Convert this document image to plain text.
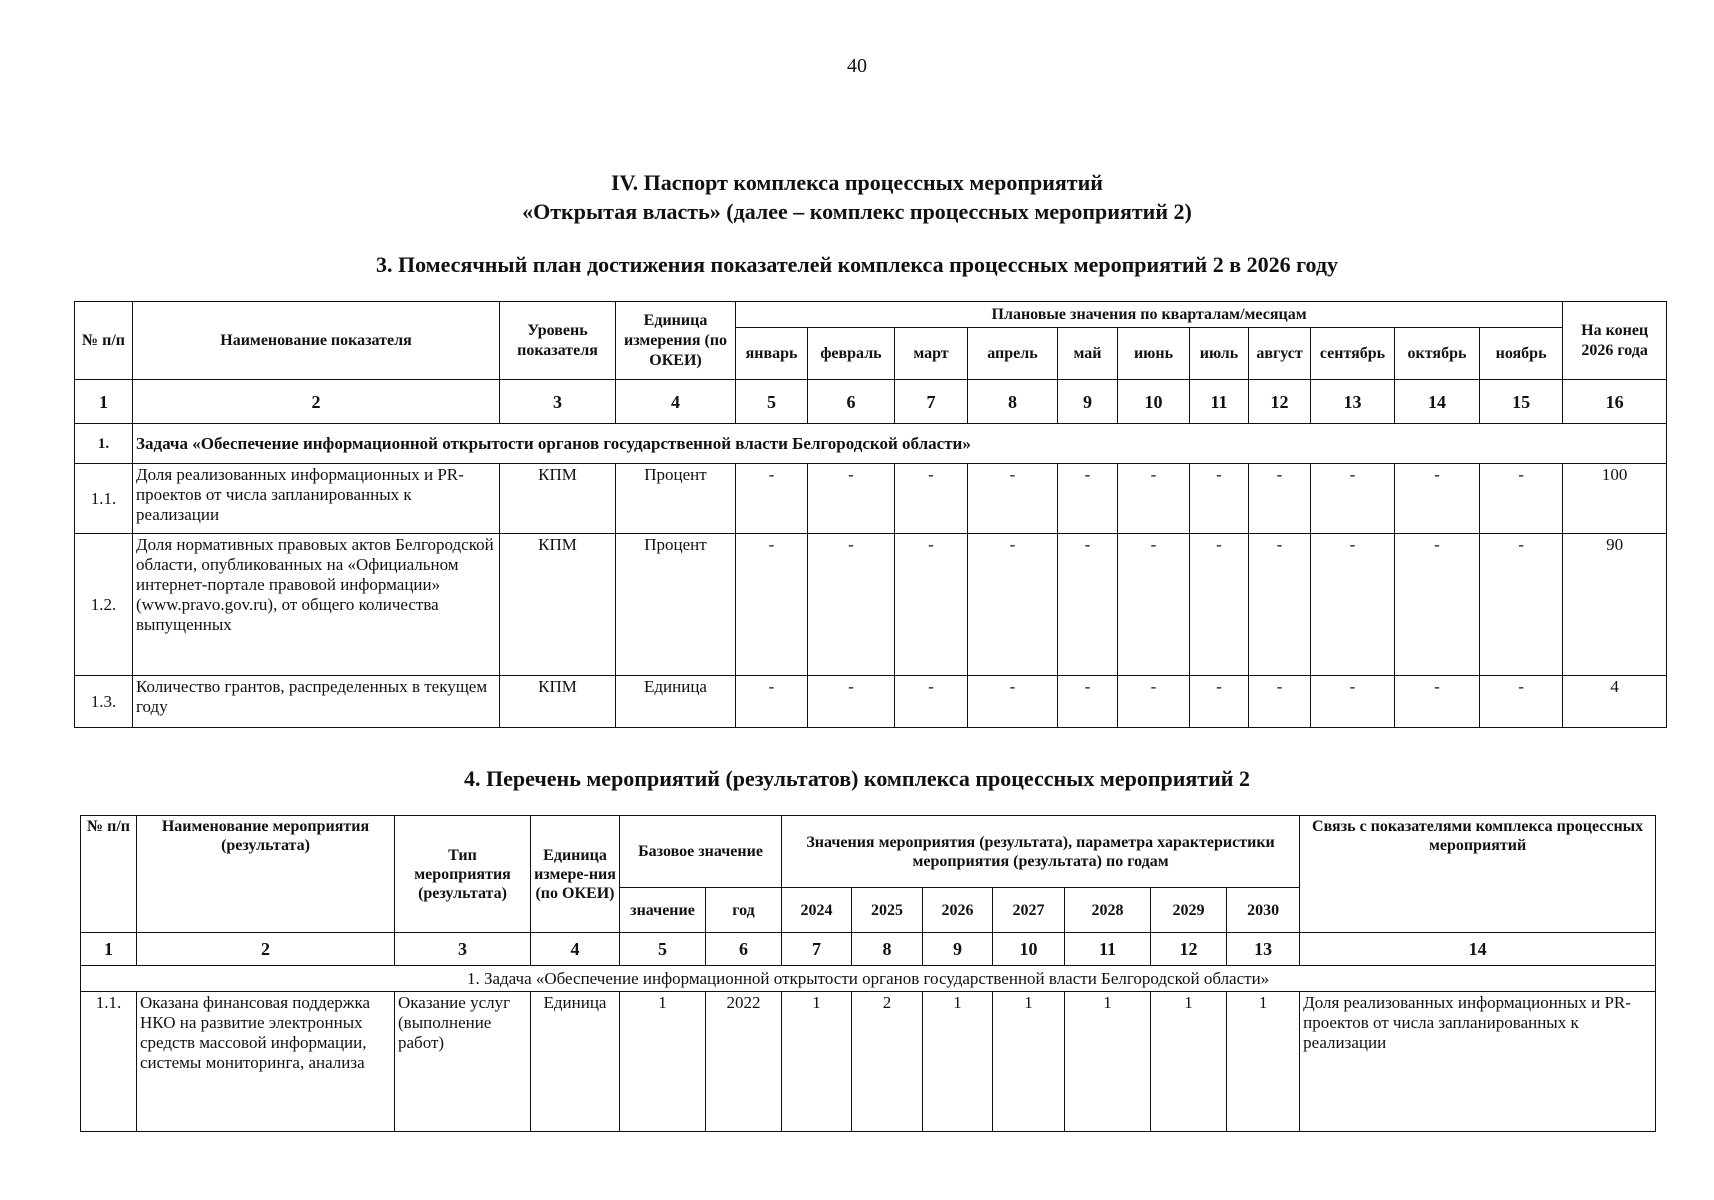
40
IV. Паспорт комплекса процессных мероприятий
«Открытая власть» (далее – комплекс процессных мероприятий 2)
3. Помесячный план достижения показателей комплекса процессных мероприятий 2 в 2026 году
№ п/п	Наименование показателя	Уровень показателя	Единица измерения (по ОКЕИ)	Плановые значения по кварталам/месяцам											На конец 2026 года
				январь	февраль	март	апрель	май	июнь	июль	август	сентябрь	октябрь	ноябрь	
1	2	3	4	5	6	7	8	9	10	11	12	13	14	15	16
1.	Задача «Обеспечение информационной открытости органов государственной власти Белгородской области»														
1.1.	Доля реализованных информационных и PR-проектов от числа запланированных к реализации	КПМ	Процент	-	-	-	-	-	-	-	-	-	-	-	100
1.2.	Доля нормативных правовых актов Белгородской области, опубликованных на «Официальном интернет-портале правовой информации» (www.pravo.gov.ru), от общего количества выпущенных	КПМ	Процент	-	-	-	-	-	-	-	-	-	-	-	90
1.3.	Количество грантов, распределенных в текущем году	КПМ	Единица	-	-	-	-	-	-	-	-	-	-	-	4
4. Перечень мероприятий (результатов) комплекса процессных мероприятий 2
№ п/п	Наименование мероприятия (результата)	Тип мероприятия (результата)	Единица измере-ния (по ОКЕИ)	Базовое значение		Значения мероприятия (результата), параметра характеристики мероприятия (результата) по годам							Связь с показателями комплекса процессных мероприятий
				значение	год	2024	2025	2026	2027	2028	2029	2030	
1	2	3	4	5	6	7	8	9	10	11	12	13	14
1. Задача «Обеспечение информационной открытости органов государственной власти Белгородской области»													
1.1.	Оказана финансовая поддержка НКО на развитие электронных средств массовой информации, системы мониторинга, анализа	Оказание услуг (выполнение работ)	Единица	1	2022	1	2	1	1	1	1	1	Доля реализованных информационных и PR-проектов от числа запланированных к реализации
